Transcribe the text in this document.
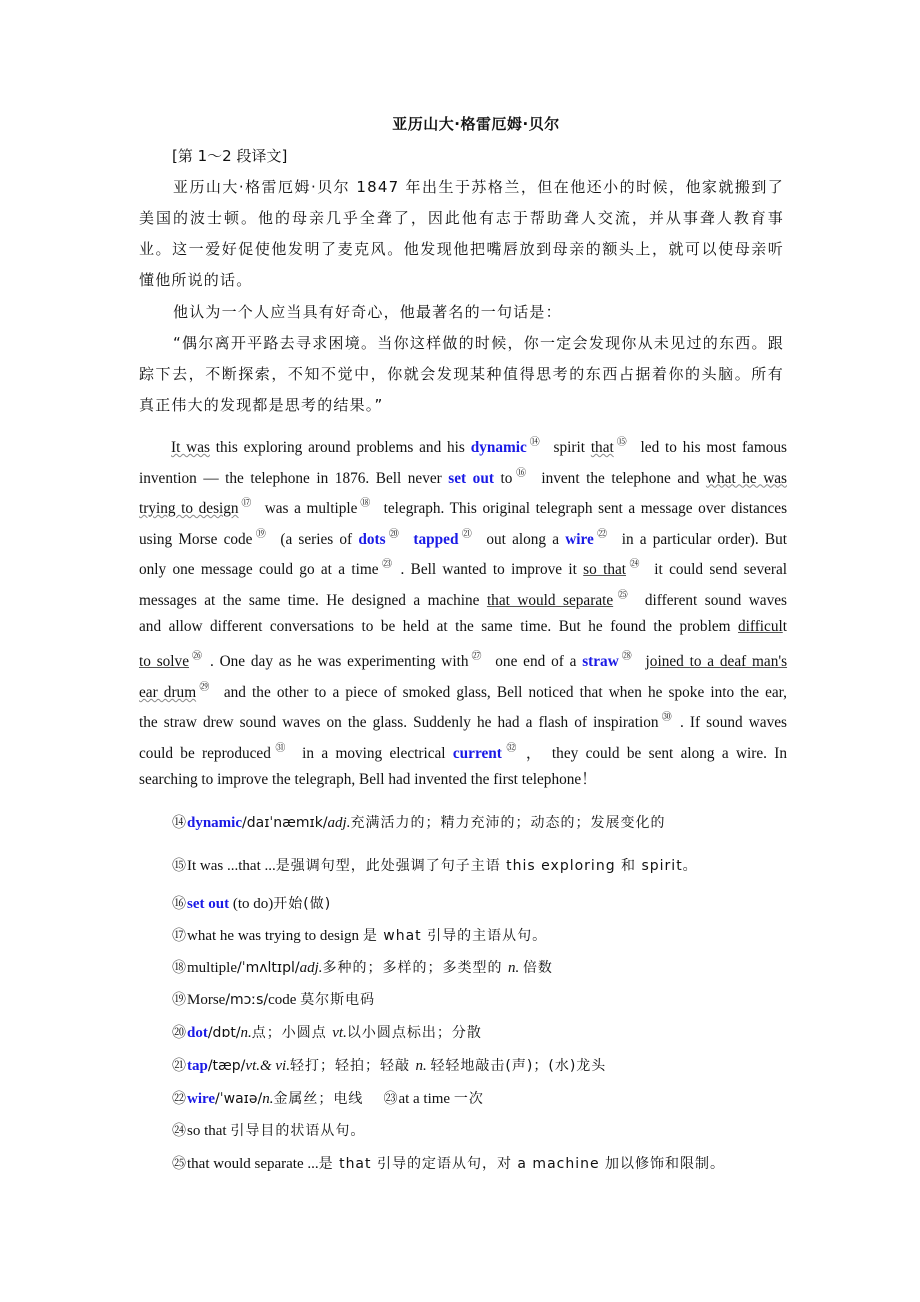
亚历山大·格雷厄姆·贝尔
[第 1～2 段译文]

亚历山大·格雷厄姆·贝尔 1847 年出生于苏格兰，但在他还小的时候，他家就搬到了美国的波士顿。他的母亲几乎全聋了，因此他有志于帮助聋人交流，并从事聋人教育事业。这一爱好促使他发明了麦克风。他发现他把嘴唇放到母亲的额头上，就可以使母亲听懂他所说的话。

他认为一个人应当具有好奇心，他最著名的一句话是：

“偶尔离开平路去寻求困境。当你这样做的时候，你一定会发现你从未见过的东西。跟踪下去，不断探索，不知不觉中，你就会发现某种值得思考的东西占据着你的头脑。所有真正伟大的发现都是思考的结果。”

It was this exploring around problems and his dynamic⑭ spirit that⑮ led to his most famous
invention — the telephone in 1876. Bell never set out to⑯ invent the telephone and what he was
trying to design⑰ was a multiple⑱ telegraph. This original telegraph sent a message over distances
using Morse code⑲ (a series of dots⑳ tapped$^㉑$ out along a wire$^㉒$ in a particular order). But
only one message could go at a time$^㉓$ . Bell wanted to improve it so that$^㉔$ it could send several
messages at the same time. He designed a machine that would separate$^㉕$ different sound waves
and allow different conversations to be held at the same time. But he found the problem difficult
to solve$^㉖$ . One day as he was experimenting with$^㉗$ one end of a straw$^㉘$ joined to a deaf man's
ear drum$^㉙$ and the other to a piece of smoked glass, Bell noticed that when he spoke into the ear,
the straw drew sound waves on the glass. Suddenly he had a flash of inspiration$^㉚$ . If sound waves
could be reproduced$^㉛$ in a moving electrical current$^㉜$ ， they could be sent along a wire. In
searching to improve the telegraph, Bell had invented the first telephone！
⑭dynamic/daɪˈnæmɪk/adj.充满活力的；精力充沛的；动态的；发展变化的
⑮It was ...that ...是强调句型，此处强调了句子主语 this exploring 和 spirit。
⑯set out (to do)开始(做)
⑰what he was trying to design 是 what 引导的主语从句。
⑱multiple/ˈmʌltɪpl/adj.多种的；多样的；多类型的 n. 倍数
⑲Morse/mɔːs/code 莫尔斯电码
⑳dot/dɒt/n.点；小圆点 vt.以小圆点标出；分散
㉑tap/tæp/vt.& vi.轻打；轻拍；轻敲 n. 轻轻地敲击(声)；(水)龙头
㉒wire/ˈwaɪə/n.金属丝；电线 ㉓at a time 一次
㉔so that 引导目的状语从句。
㉕that would separate ...是 that 引导的定语从句，对 a machine 加以修饰和限制。
